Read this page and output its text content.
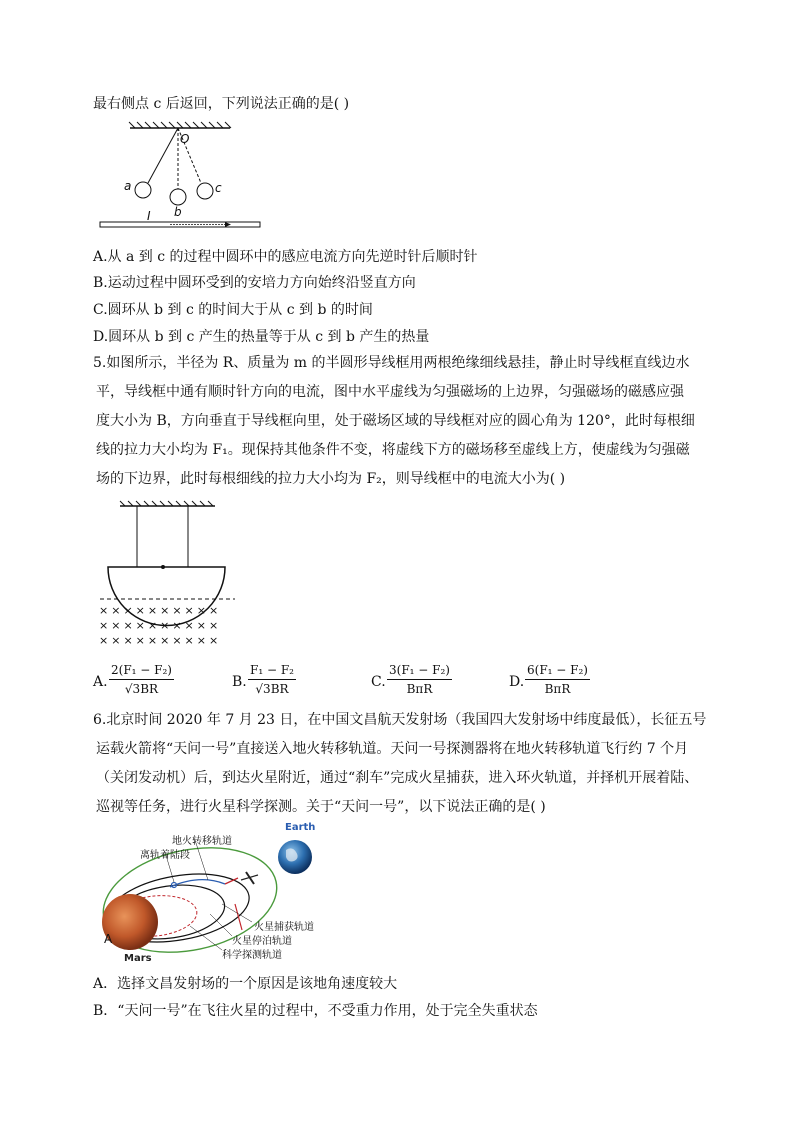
最右侧点 c 后返回，下列说法正确的是( )
O
a
b
c
I
A.从 a 到 c 的过程中圆环中的感应电流方向先逆时针后顺时针
B.运动过程中圆环受到的安培力方向始终沿竖直方向
C.圆环从 b 到 c 的时间大于从 c 到 b 的时间
D.圆环从 b 到 c 产生的热量等于从 c 到 b 产生的热量
5.如图所示，半径为 R、质量为 m 的半圆形导线框用两根绝缘细线悬挂，静止时导线框直线边水
平，导线框中通有顺时针方向的电流，图中水平虚线为匀强磁场的上边界，匀强磁场的磁感应强
度大小为 B，方向垂直于导线框向里，处于磁场区域的导线框对应的圆心角为 120°，此时每根细
线的拉力大小均为 F₁。现保持其他条件不变，将虚线下方的磁场移至虚线上方，使虚线为匀强磁
场的下边界，此时每根细线的拉力大小均为 F₂，则导线框中的电流大小为( )
××××××××××
××××××××××
××××××××××
A. $\frac{\text{2(F₁ − F₂)}}{√3BR}$	B. $\frac{\text{F₁ − F₂}}{√3BR}$	C.
3(F₁ − F₂)
BπR	D.
6(F₁ − F₂)
BπR
6.北京时间 2020 年 7 月 23 日，在中国文昌航天发射场（我国四大发射场中纬度最低），长征五号
运载火箭将“天问一号”直接送入地火转移轨道。天问一号探测器将在地火转移轨道飞行约 7 个月
（关闭发动机）后，到达火星附近，通过“刹车”完成火星捕获，进入环火轨道，并择机开展着陆、
巡视等任务，进行火星科学探测。关于“天问一号”，以下说法正确的是( )
Earth
Mars
A
地火转移轨道
离轨着陆段
火星捕获轨道
火星停泊轨道
科学探测轨道
A．选择文昌发射场的一个原因是该地角速度较大
B．“天问一号”在飞往火星的过程中，不受重力作用，处于完全失重状态
